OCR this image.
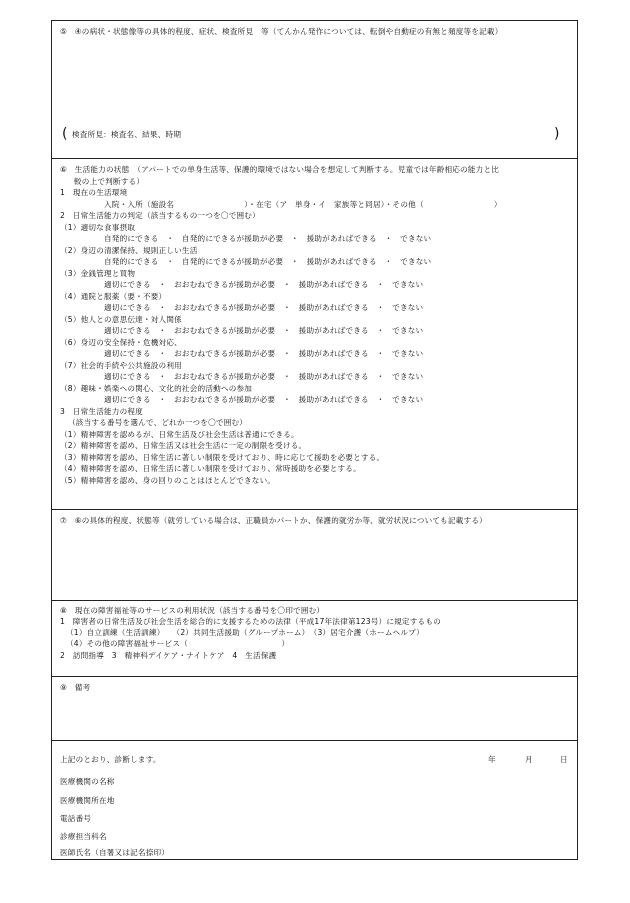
⑤　④の病状・状態像等の具体的程度、症状、検査所見　等（てんかん発作については、転倒や自動症の有無と頻度等を記載）
( 検査所見：検査名、結果、時期	)
⑥　生活能力の状態　（アパートでの単身生活等、保護的環境ではない場合を想定して判断する。児童では年齢相応の能力と比
較の上で判断する）
1　現在の生活環境
入院・入所（施設名　　　　　　　　　）・在宅（ア　単身・イ　家族等と同居）・その他（　　　　　　　　　）
2　日常生活能力の判定（該当するもの一つを〇で囲む）
（1）適切な食事摂取
自発的にできる　・　自発的にできるが援助が必要　・　援助があればできる　・　できない
（2）身辺の清潔保持、規則正しい生活
自発的にできる　・　自発的にできるが援助が必要　・　援助があればできる　・　できない
（3）金銭管理と買物
適切にできる　・　おおむねできるが援助が必要　・　援助があればできる　・　できない
（4）通院と服薬（要・不要）
適切にできる　・　おおむねできるが援助が必要　・　援助があればできる　・　できない
（5）他人との意思伝達・対人関係
適切にできる　・　おおむねできるが援助が必要　・　援助があればできる　・　できない
（6）身辺の安全保持・危機対応、
適切にできる　・　おおむねできるが援助が必要　・　援助があればできる　・　できない
（7）社会的手続や公共施設の利用
適切にできる　・　おおむねできるが援助が必要　・　援助があればできる　・　できない
（8）趣味・娯楽への関心、文化的社会的活動への参加
適切にできる　・　おおむねできるが援助が必要　・　援助があればできる　・　できない
3　日常生活能力の程度
（該当する番号を選んで、どれか一つを〇で囲む）
（1）精神障害を認めるが、日常生活及び社会生活は普通にできる。
（2）精神障害を認め、日常生活又は社会生活に一定の制限を受ける。
（3）精神障害を認め、日常生活に著しい制限を受けており、時に応じて援助を必要とする。
（4）精神障害を認め、日常生活に著しい制限を受けており、常時援助を必要とする。
（5）精神障害を認め、身の回りのことはほとんどできない。
⑦　⑥の具体的程度、状態等（就労している場合は、正職員かパートか、保護的就労か等、就労状況についても記載する）
⑧　現在の障害福祉等のサービスの利用状況（該当する番号を〇印で囲む）
1　障害者の日常生活及び社会生活を総合的に支援するための法律（平成17年法律第123号）に規定するもの
（1）自立訓練（生活訓練）　　（2）共同生活援助（グループホーム）　（3）居宅介護（ホームヘルプ）
（4）その他の障害福祉サービス（　　　　　　　　　　　　）
2　訪問指導　3　精神科デイケア・ナイトケア　4　生活保護
⑨　備考
上記のとおり、診断します。	年	月	日
医療機関の名称
医療機関所在地
電話番号
診療担当科名
医師氏名（自署又は記名捺印）
